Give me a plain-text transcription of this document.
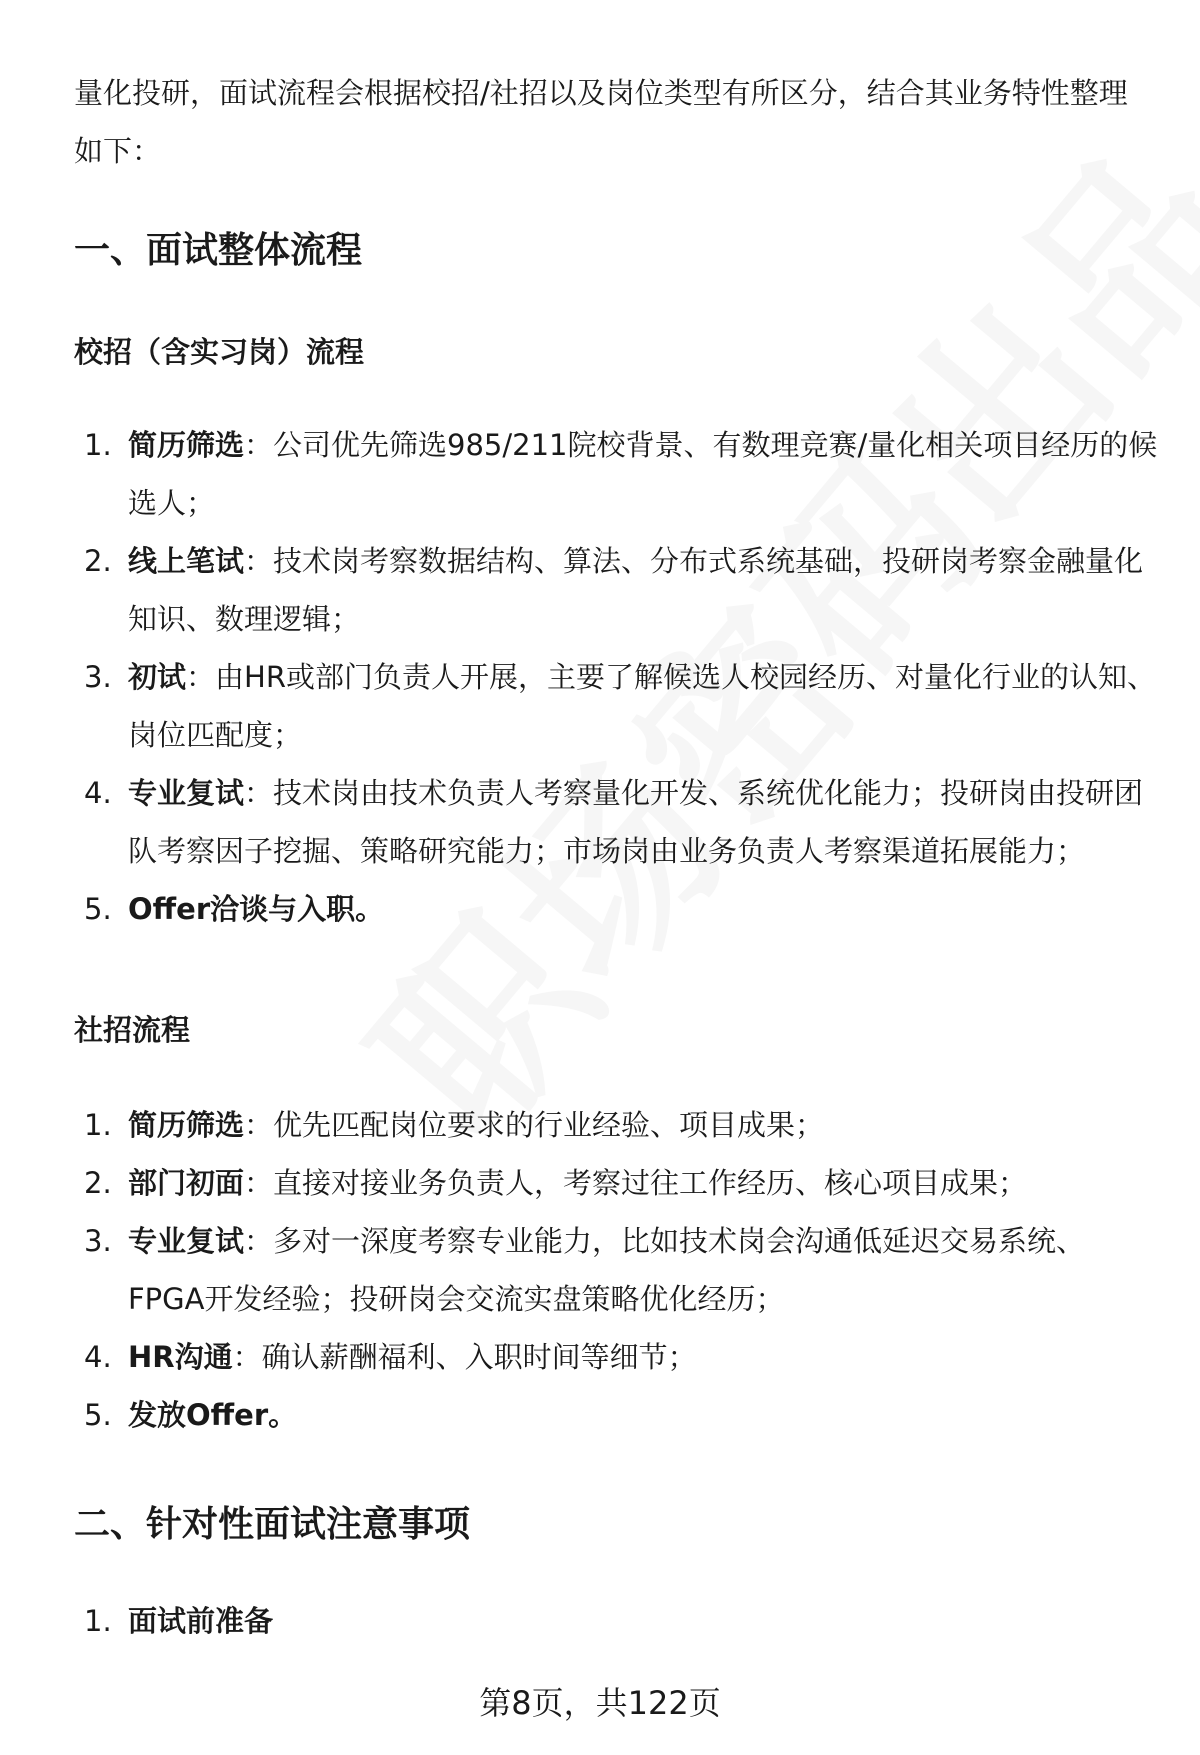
量化投研，面试流程会根据校招/社招以及岗位类型有所区分，结合其业务特性整理如下：

一、面试整体流程
校招（含实习岗）流程
1. 简历筛选：公司优先筛选985/211院校背景、有数理竞赛/量化相关项目经历的候选人；
2. 线上笔试：技术岗考察数据结构、算法、分布式系统基础，投研岗考察金融量化知识、数理逻辑；
3. 初试：由HR或部门负责人开展，主要了解候选人校园经历、对量化行业的认知、岗位匹配度；
4. 专业复试：技术岗由技术负责人考察量化开发、系统优化能力；投研岗由投研团队考察因子挖掘、策略研究能力；市场岗由业务负责人考察渠道拓展能力；
5. Offer洽谈与入职。
社招流程
1. 简历筛选：优先匹配岗位要求的行业经验、项目成果；
2. 部门初面：直接对接业务负责人，考察过往工作经历、核心项目成果；
3. 专业复试：多对一深度考察专业能力，比如技术岗会沟通低延迟交易系统、FPGA开发经验；投研岗会交流实盘策略优化经历；
4. HR沟通：确认薪酬福利、入职时间等细节；
5. 发放Offer。
二、针对性面试注意事项
1. 面试前准备
第8页，共122页
